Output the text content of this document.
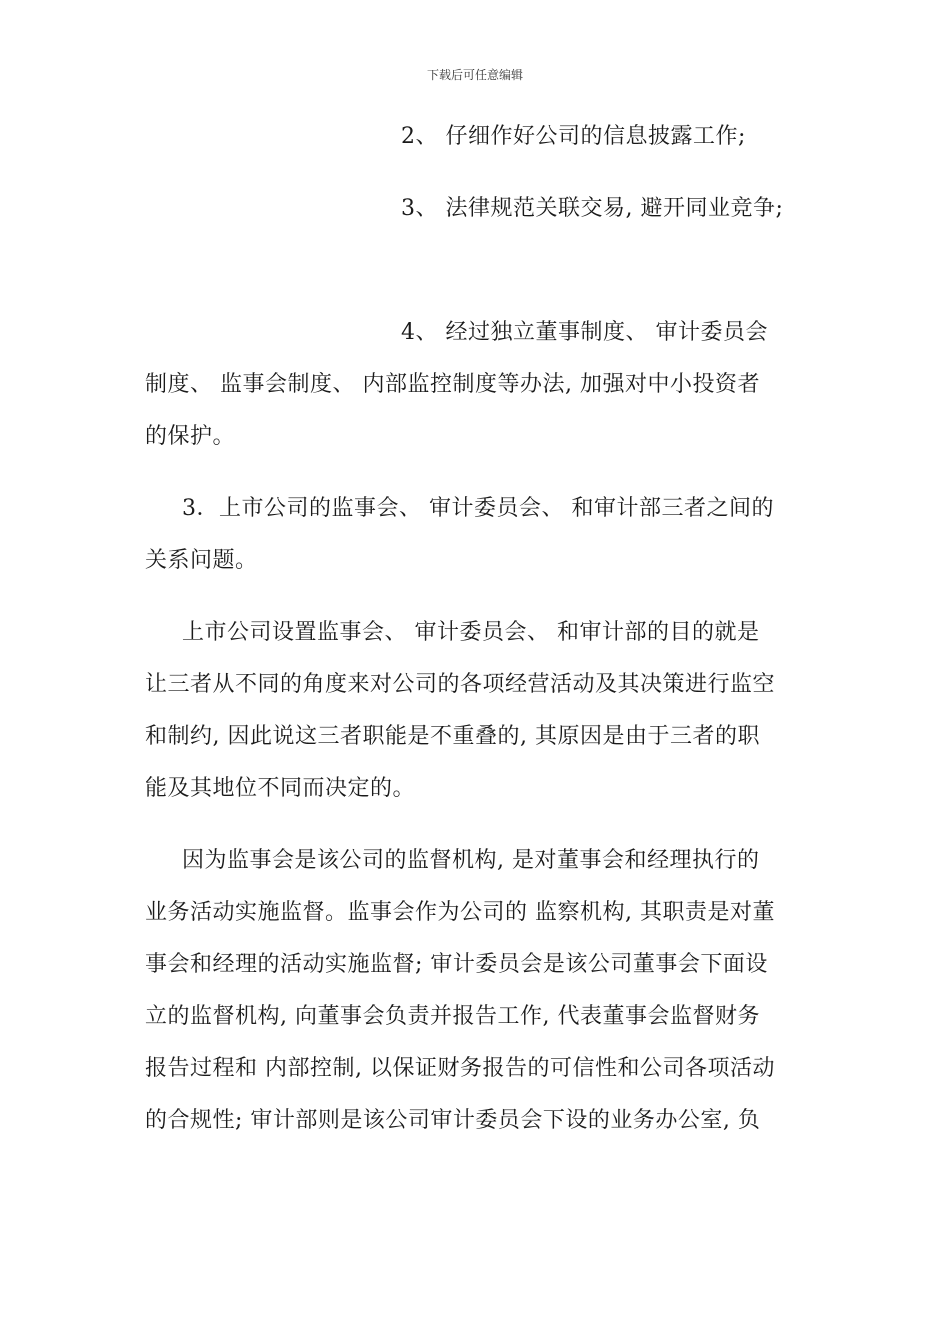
下载后可任意编辑
2、 仔细作好公司的信息披露工作;
3、 法律规范关联交易, 避开同业竞争;
4、 经过独立董事制度、 审计委员会
制度、 监事会制度、 内部监控制度等办法, 加强对中小投资者
的保护。
3．上市公司的监事会、 审计委员会、 和审计部三者之间的
关系问题。
上市公司设置监事会、 审计委员会、 和审计部的目的就是
让三者从不同的角度来对公司的各项经营活动及其决策进行监空
和制约, 因此说这三者职能是不重叠的, 其原因是由于三者的职
能及其地位不同而决定的。
因为监事会是该公司的监督机构, 是对董事会和经理执行的
业务活动实施监督。监事会作为公司的 监察机构, 其职责是对董
事会和经理的活动实施监督; 审计委员会是该公司董事会下面设
立的监督机构, 向董事会负责并报告工作, 代表董事会监督财务
报告过程和 内部控制, 以保证财务报告的可信性和公司各项活动
的合规性; 审计部则是该公司审计委员会下设的业务办公室, 负
